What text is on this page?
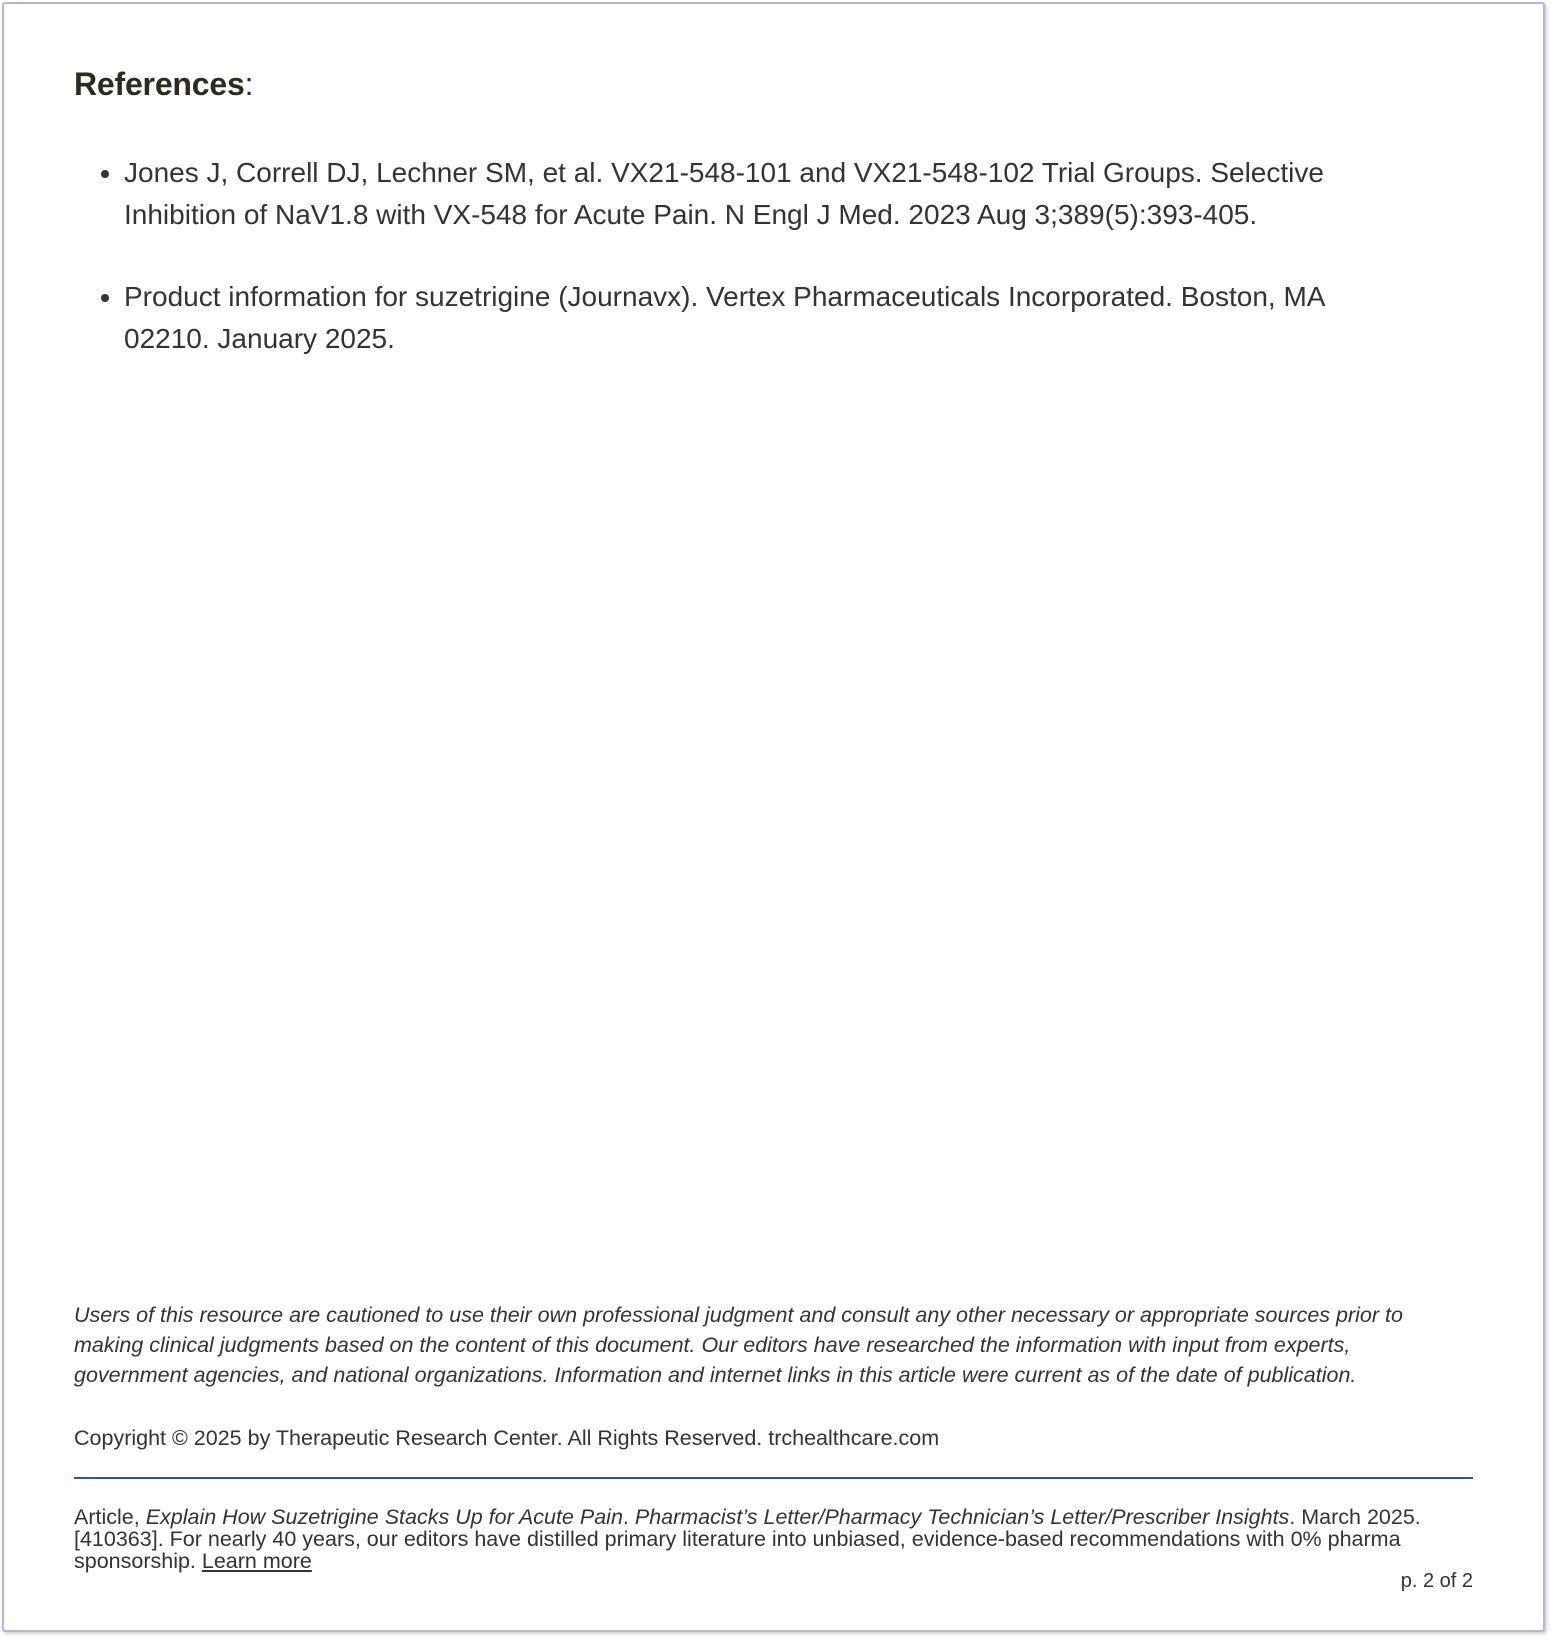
References:
• Jones J, Correll DJ, Lechner SM, et al. VX21-548-101 and VX21-548-102 Trial Groups. Selective Inhibition of NaV1.8 with VX-548 for Acute Pain. N Engl J Med. 2023 Aug 3;389(5):393-405.
• Product information for suzetrigine (Journavx). Vertex Pharmaceuticals Incorporated. Boston, MA 02210. January 2025.

Users of this resource are cautioned to use their own professional judgment and consult any other necessary or appropriate sources prior to making clinical judgments based on the content of this document. Our editors have researched the information with input from experts, government agencies, and national organizations. Information and internet links in this article were current as of the date of publication.

Copyright © 2025 by Therapeutic Research Center. All Rights Reserved. trchealthcare.com

Article, Explain How Suzetrigine Stacks Up for Acute Pain. Pharmacist’s Letter/Pharmacy Technician’s Letter/Prescriber Insights. March 2025. [410363]. For nearly 40 years, our editors have distilled primary literature into unbiased, evidence-based recommendations with 0% pharma sponsorship. Learn more

p. 2 of 2
